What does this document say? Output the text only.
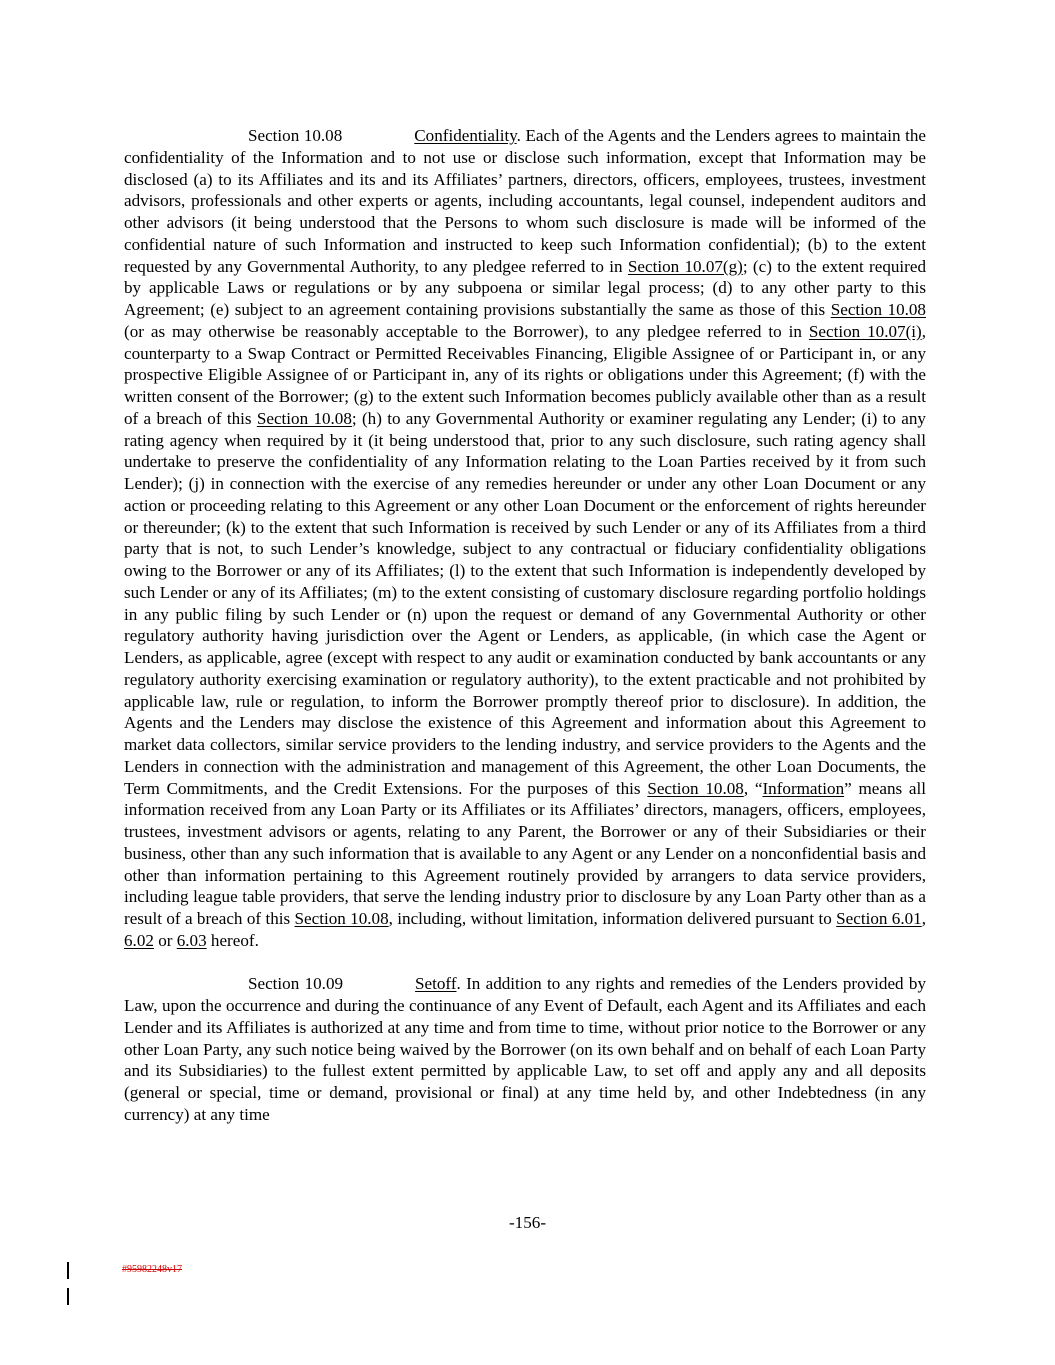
Section 10.08	Confidentiality. Each of the Agents and the Lenders agrees to maintain the confidentiality of the Information and to not use or disclose such information, except that Information may be disclosed (a) to its Affiliates and its and its Affiliates’ partners, directors, officers, employees, trustees, investment advisors, professionals and other experts or agents, including accountants, legal counsel, independent auditors and other advisors (it being understood that the Persons to whom such disclosure is made will be informed of the confidential nature of such Information and instructed to keep such Information confidential); (b) to the extent requested by any Governmental Authority, to any pledgee referred to in Section 10.07(g); (c) to the extent required by applicable Laws or regulations or by any subpoena or similar legal process; (d) to any other party to this Agreement; (e) subject to an agreement containing provisions substantially the same as those of this Section 10.08 (or as may otherwise be reasonably acceptable to the Borrower), to any pledgee referred to in Section 10.07(i), counterparty to a Swap Contract or Permitted Receivables Financing, Eligible Assignee of or Participant in, or any prospective Eligible Assignee of or Participant in, any of its rights or obligations under this Agreement; (f) with the written consent of the Borrower; (g) to the extent such Information becomes publicly available other than as a result of a breach of this Section 10.08; (h) to any Governmental Authority or examiner regulating any Lender; (i) to any rating agency when required by it (it being understood that, prior to any such disclosure, such rating agency shall undertake to preserve the confidentiality of any Information relating to the Loan Parties received by it from such Lender); (j) in connection with the exercise of any remedies hereunder or under any other Loan Document or any action or proceeding relating to this Agreement or any other Loan Document or the enforcement of rights hereunder or thereunder; (k) to the extent that such Information is received by such Lender or any of its Affiliates from a third party that is not, to such Lender’s knowledge, subject to any contractual or fiduciary confidentiality obligations owing to the Borrower or any of its Affiliates; (l) to the extent that such Information is independently developed by such Lender or any of its Affiliates; (m) to the extent consisting of customary disclosure regarding portfolio holdings in any public filing by such Lender or (n) upon the request or demand of any Governmental Authority or other regulatory authority having jurisdiction over the Agent or Lenders, as applicable, (in which case the Agent or Lenders, as applicable, agree (except with respect to any audit or examination conducted by bank accountants or any regulatory authority exercising examination or regulatory authority), to the extent practicable and not prohibited by applicable law, rule or regulation, to inform the Borrower promptly thereof prior to disclosure). In addition, the Agents and the Lenders may disclose the existence of this Agreement and information about this Agreement to market data collectors, similar service providers to the lending industry, and service providers to the Agents and the Lenders in connection with the administration and management of this Agreement, the other Loan Documents, the Term Commitments, and the Credit Extensions. For the purposes of this Section 10.08, “Information” means all information received from any Loan Party or its Affiliates or its Affiliates’ directors, managers, officers, employees, trustees, investment advisors or agents, relating to any Parent, the Borrower or any of their Subsidiaries or their business, other than any such information that is available to any Agent or any Lender on a nonconfidential basis and other than information pertaining to this Agreement routinely provided by arrangers to data service providers, including league table providers, that serve the lending industry prior to disclosure by any Loan Party other than as a result of a breach of this Section 10.08, including, without limitation, information delivered pursuant to Section 6.01, 6.02 or 6.03 hereof.

Section 10.09	Setoff. In addition to any rights and remedies of the Lenders provided by Law, upon the occurrence and during the continuance of any Event of Default, each Agent and its Affiliates and each Lender and its Affiliates is authorized at any time and from time to time, without prior notice to the Borrower or any other Loan Party, any such notice being waived by the Borrower (on its own behalf and on behalf of each Loan Party and its Subsidiaries) to the fullest extent permitted by applicable Law, to set off and apply any and all deposits (general or special, time or demand, provisional or final) at any time held by, and other Indebtedness (in any currency) at any time

-156-
#95982248v17
